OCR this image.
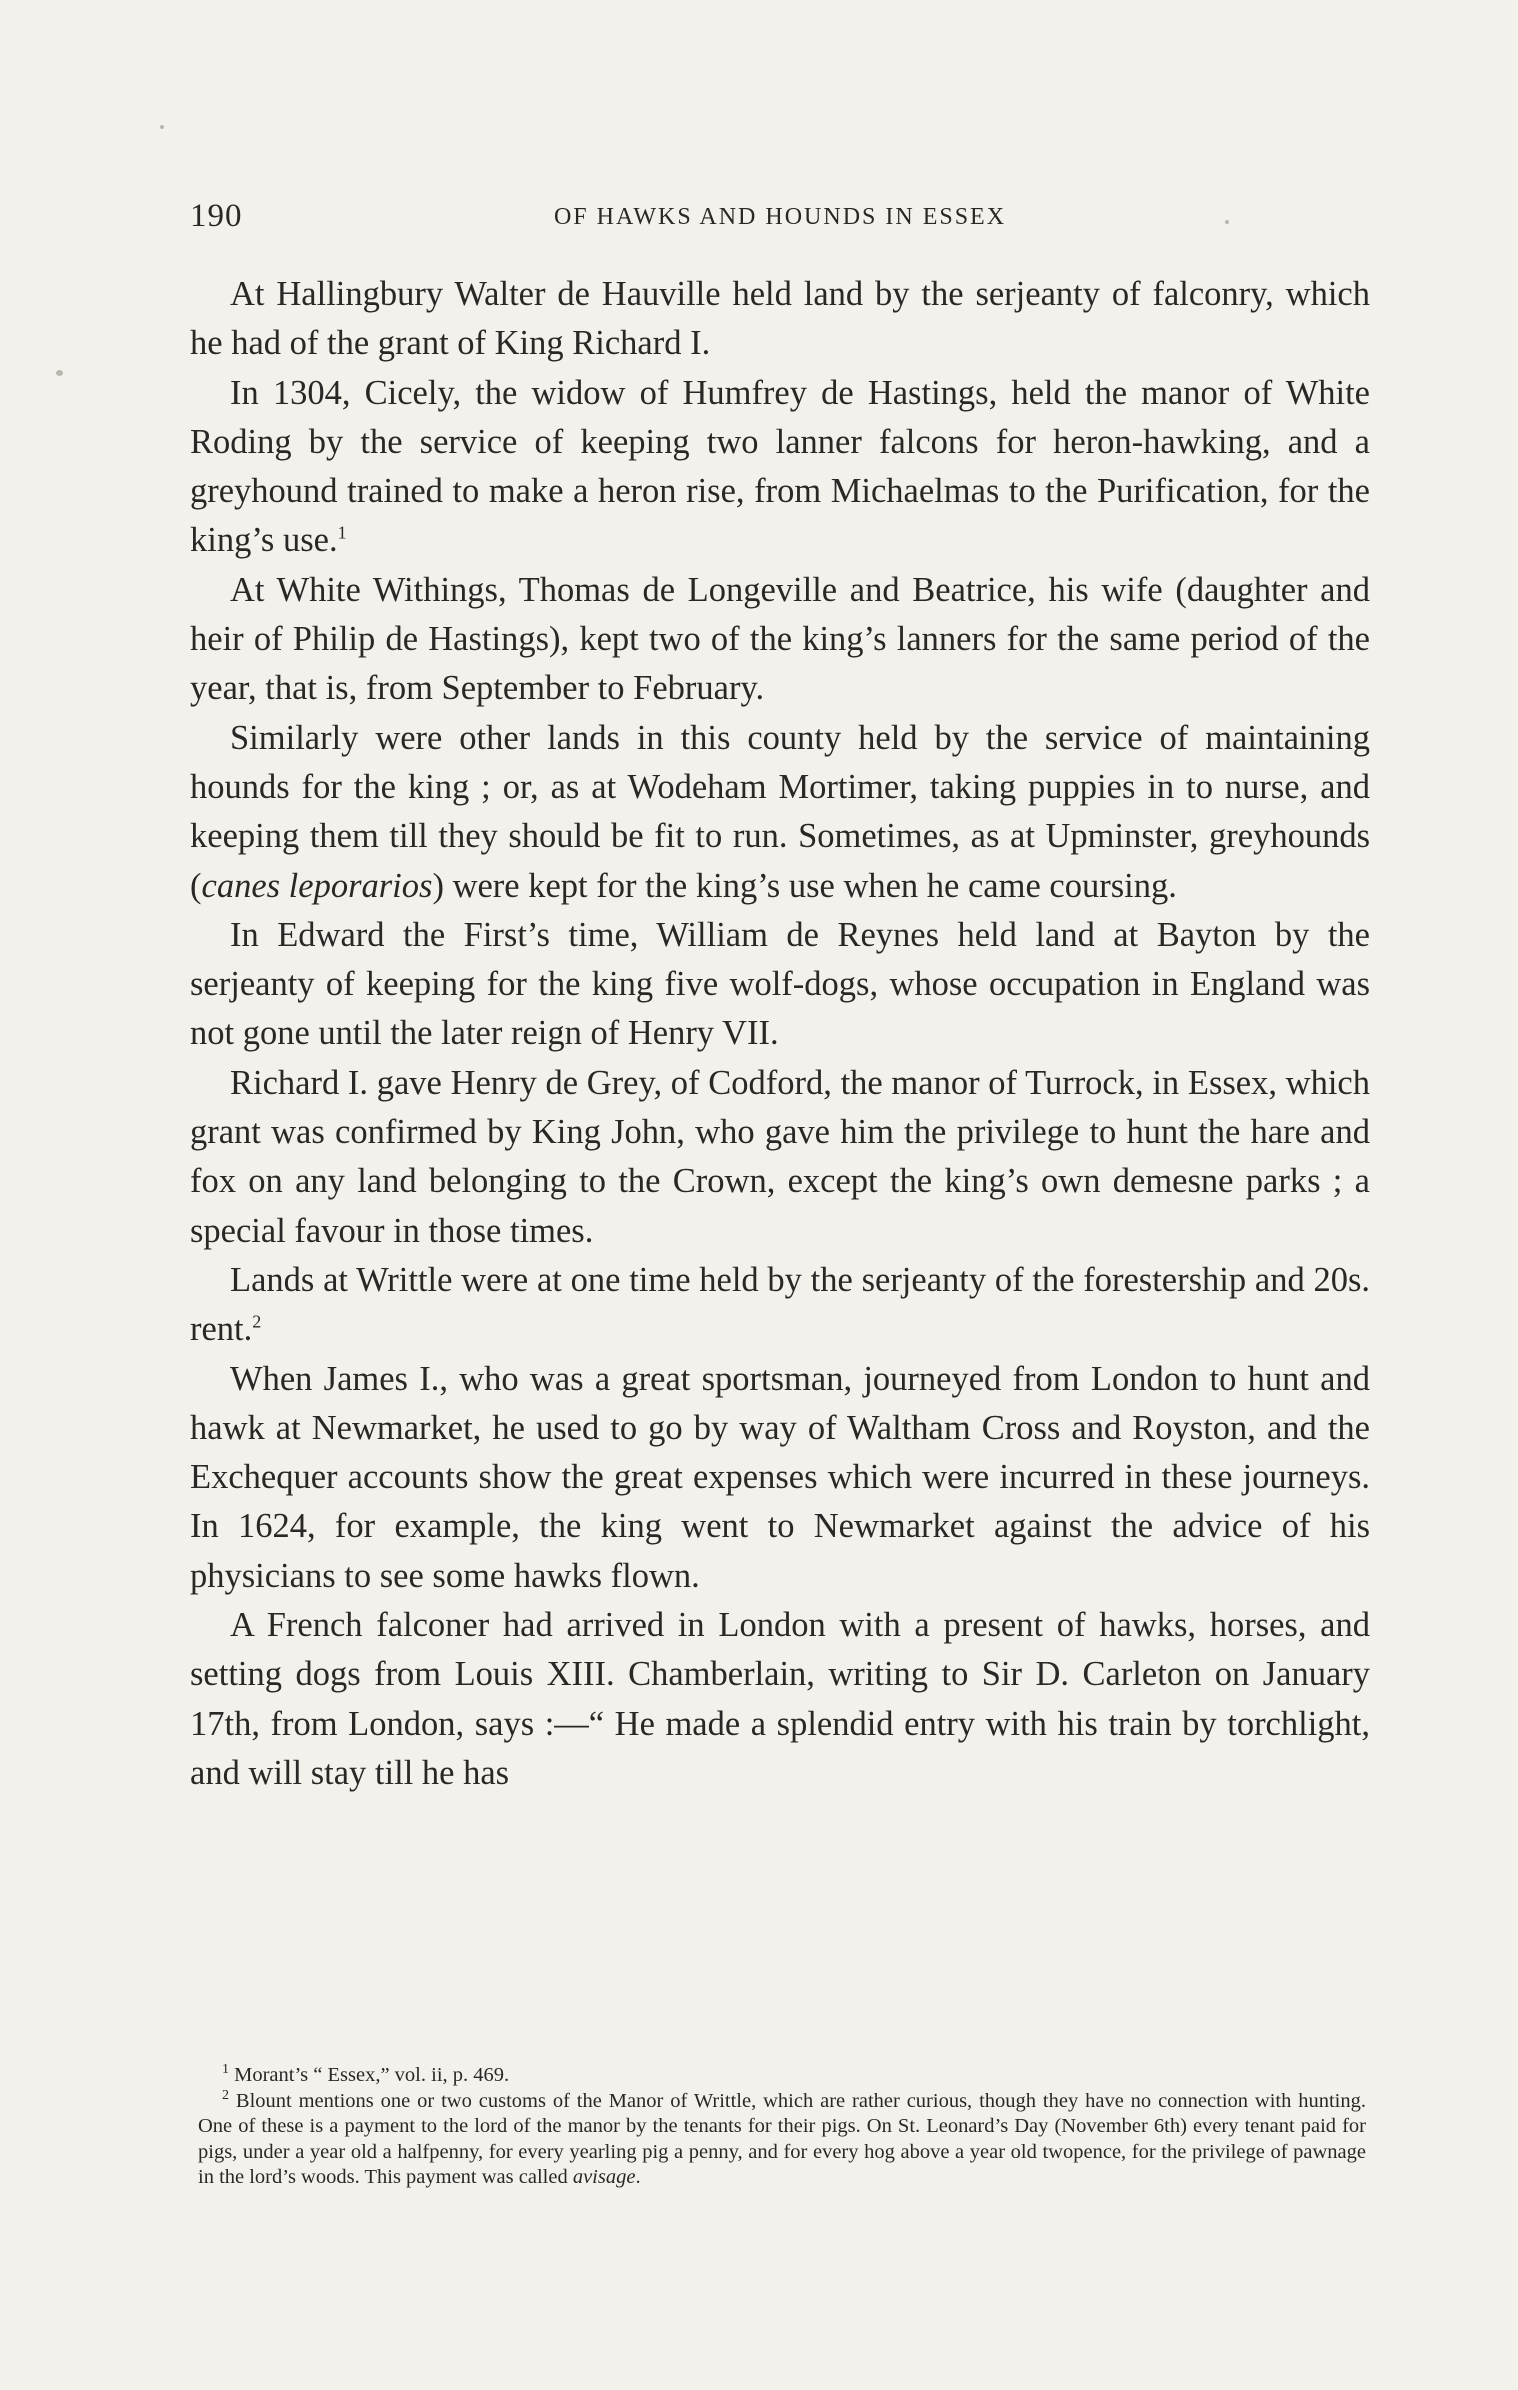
190	OF HAWKS AND HOUNDS IN ESSEX

At Hallingbury Walter de Hauville held land by the serjeanty of falconry, which he had of the grant of King Richard I.

In 1304, Cicely, the widow of Humfrey de Hastings, held the manor of White Roding by the service of keeping two lanner falcons for heron-hawking, and a greyhound trained to make a heron rise, from Michaelmas to the Purification, for the king’s use.$^1$

At White Withings, Thomas de Longeville and Beatrice, his wife (daughter and heir of Philip de Hastings), kept two of the king’s lanners for the same period of the year, that is, from September to February.

Similarly were other lands in this county held by the service of maintaining hounds for the king ; or, as at Wodeham Mortimer, taking puppies in to nurse, and keeping them till they should be fit to run. Sometimes, as at Upminster, greyhounds (canes leporarios) were kept for the king’s use when he came coursing.

In Edward the First’s time, William de Reynes held land at Bayton by the serjeanty of keeping for the king five wolf-dogs, whose occupation in England was not gone until the later reign of Henry VII.

Richard I. gave Henry de Grey, of Codford, the manor of Turrock, in Essex, which grant was confirmed by King John, who gave him the privilege to hunt the hare and fox on any land belonging to the Crown, except the king’s own demesne parks ; a special favour in those times.

Lands at Writtle were at one time held by the serjeanty of the forestership and 20s. rent.$^2$

When James I., who was a great sportsman, journeyed from London to hunt and hawk at Newmarket, he used to go by way of Waltham Cross and Royston, and the Exchequer accounts show the great expenses which were incurred in these journeys. In 1624, for example, the king went to Newmarket against the advice of his physicians to see some hawks flown.

A French falconer had arrived in London with a present of hawks, horses, and setting dogs from Louis XIII. Chamberlain, writing to Sir D. Carleton on January 17th, from London, says :—“ He made a splendid entry with his train by torchlight, and will stay till he has

$^1$ Morant’s “ Essex,” vol. ii, p. 469.

$^2$ Blount mentions one or two customs of the Manor of Writtle, which are rather curious, though they have no connection with hunting. One of these is a payment to the lord of the manor by the tenants for their pigs. On St. Leonard’s Day (November 6th) every tenant paid for pigs, under a year old a halfpenny, for every yearling pig a penny, and for every hog above a year old twopence, for the privilege of pawnage in the lord’s woods. This payment was called avisage.
